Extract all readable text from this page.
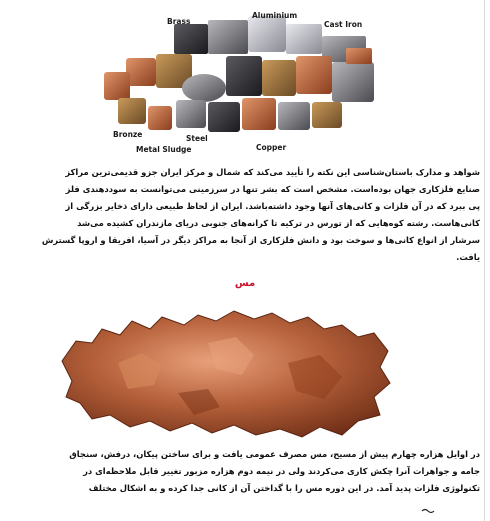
Brass
Aluminium
Cast Iron
Bronze	Steel
Metal Sludge	Copper
شواهد و مدارک باستان‌شناسی این نکته را تأیید می‌کند که شمال و مرکز ایران جزو قدیمی‌ترین مراکز
صنایع فلزکاری جهان بوده‌است. مشخص است که بشر تنها در سرزمینی می‌توانست به سوددهندی فلز
پی ببرد که در آن فلزات و کانی‌های آنها وجود داشته‌باشد. ایران از لحاظ طبیعی دارای ذخایر بزرگی از
کانی‌هاست. رشته کوه‌هایی که از تورس در ترکیه تا کرانه‌های جنوبی دریای مازندران کشیده می‌شد
سرشار از انواع کانی‌ها و سوخت بود و دانش فلزکاری از آنجا به مراکز دیگر در آسیا، افریقا و اروپا گسترش
یافت.
مس
در اوایل هزاره چهارم پیش از مسیح، مس مصرف عمومی یافت و برای ساختن پیکان، درفش، سنجاق
جامه و جواهرات آنرا چکش کاری می‌کردند ولی در نیمه دوم هزاره مزبور تغییر قابل ملاحظه‌ای در
تکنولوژی فلزات پدید آمد. در این دوره مس را با گداختن آن از کانی جدا کرده و به اشکال مختلف
